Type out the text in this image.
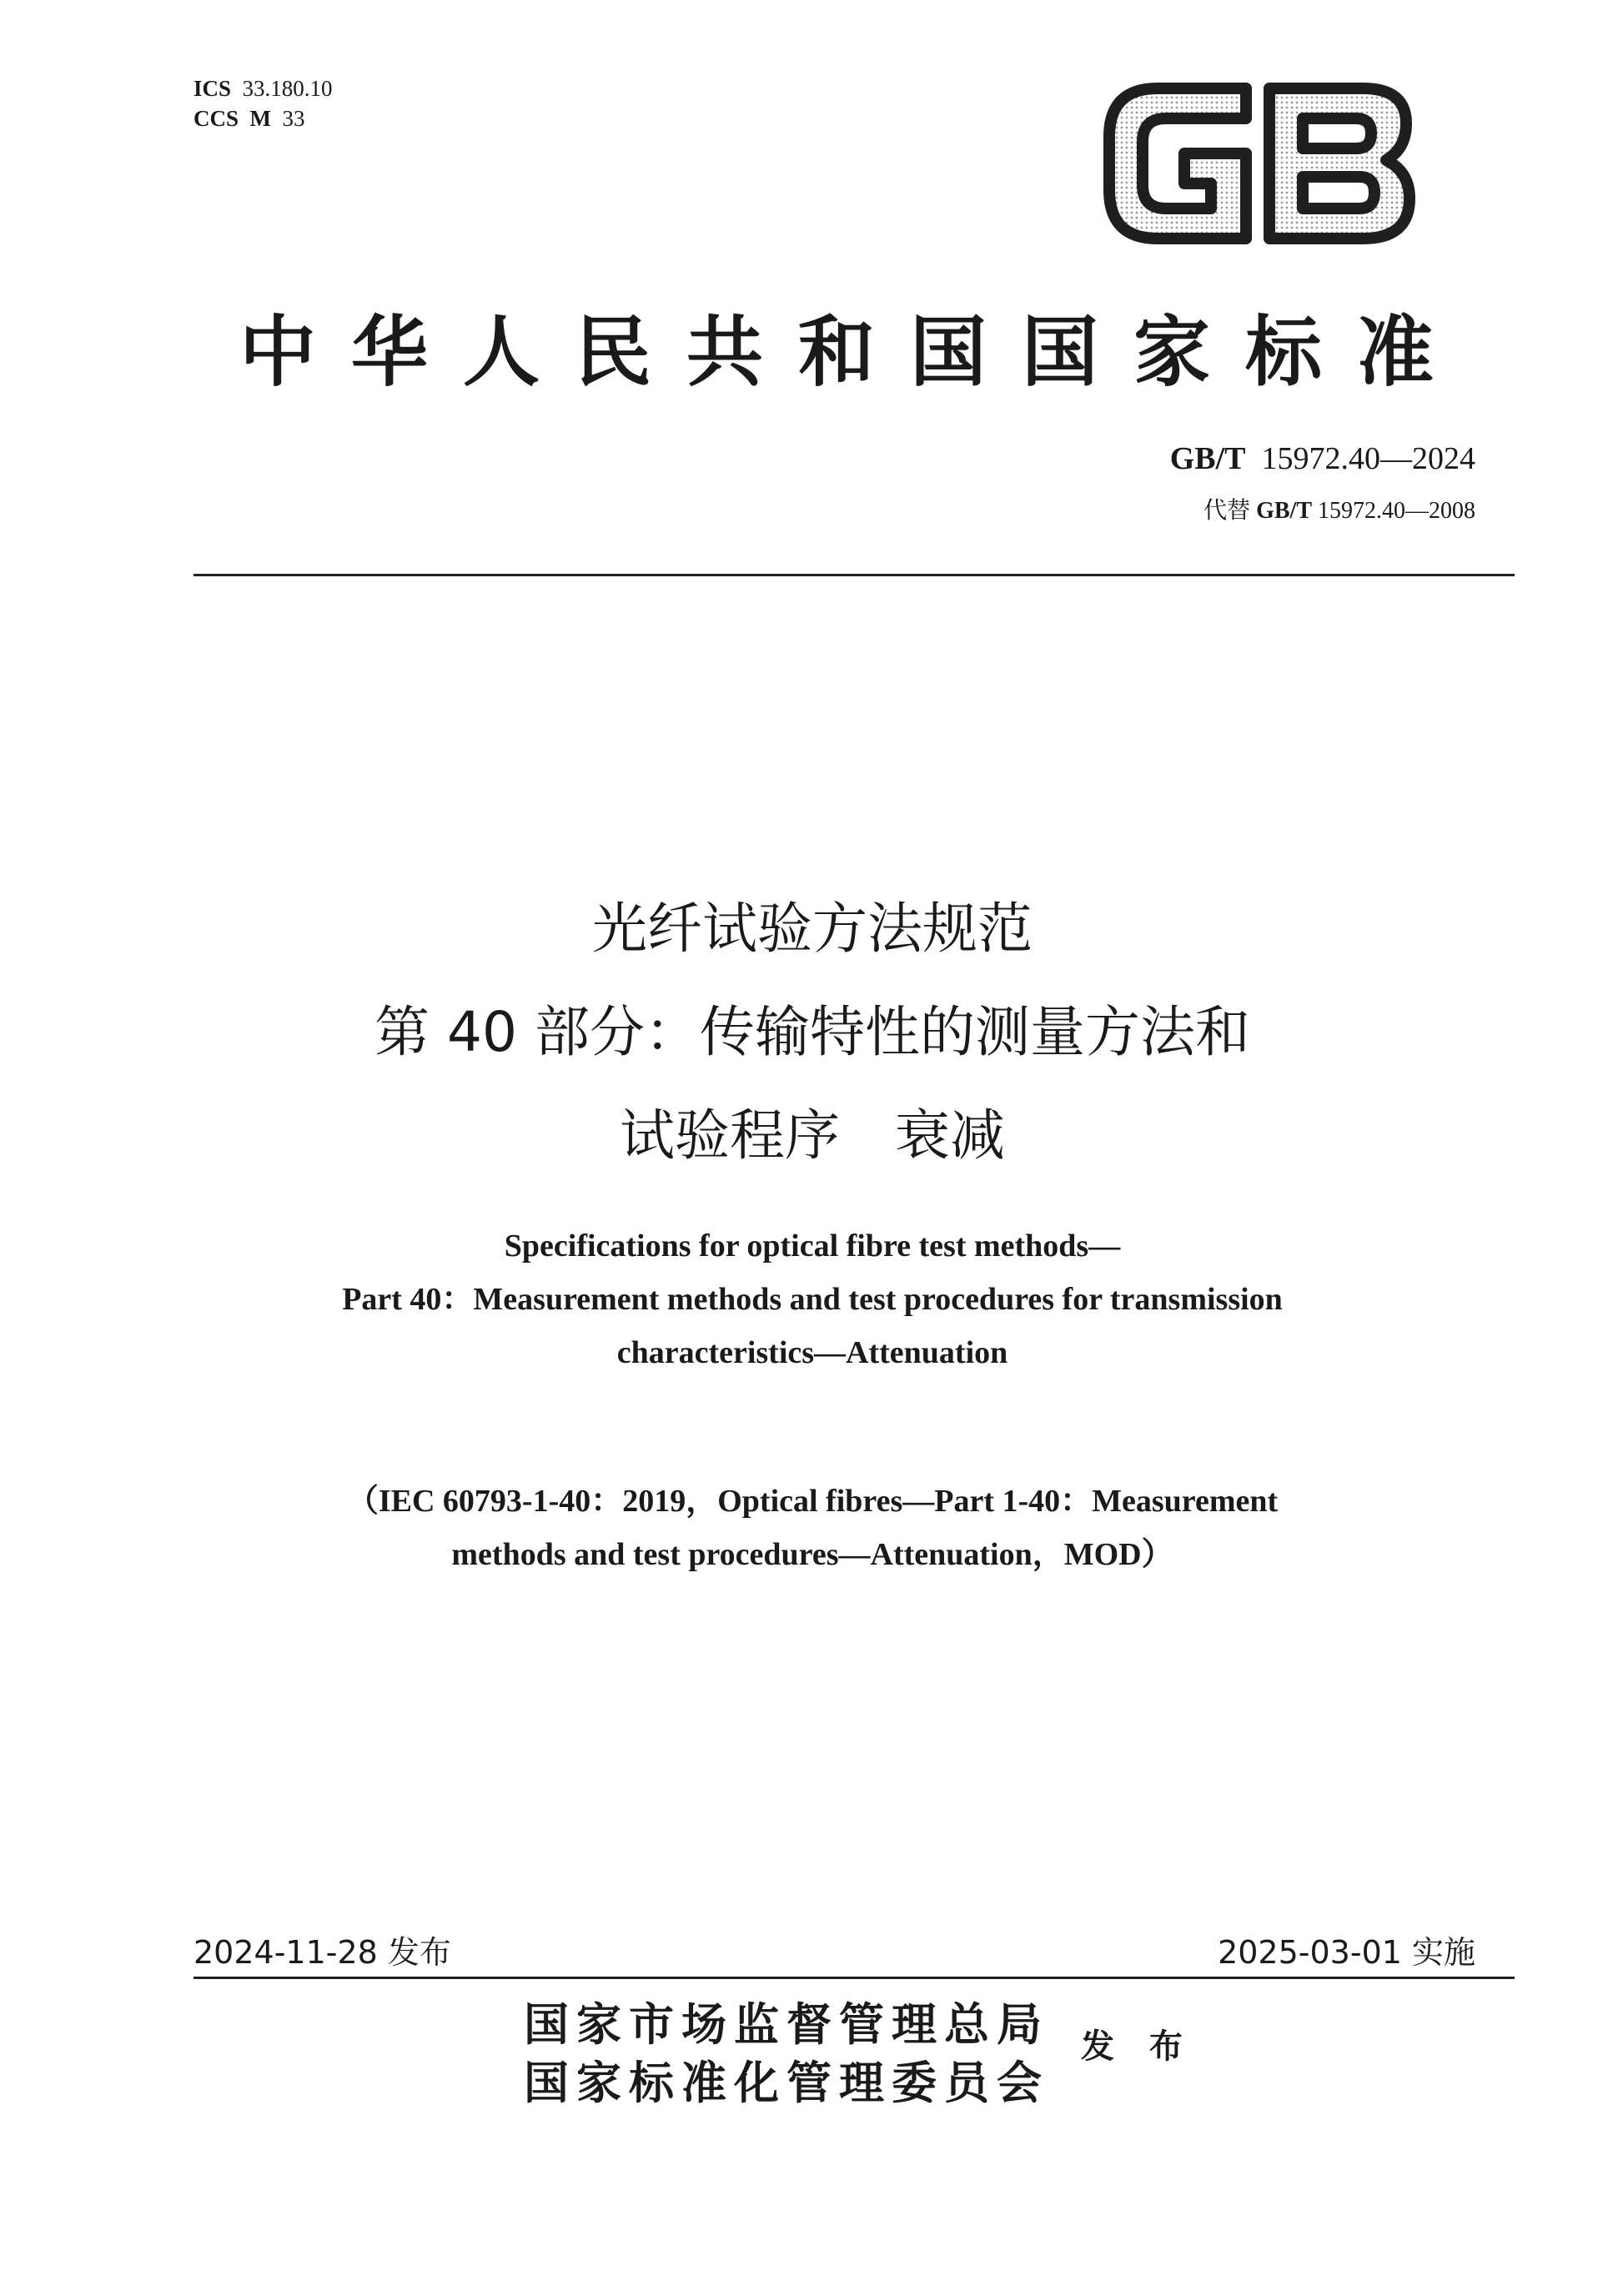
ICS 33.180.10
CCS M 33
中华人民共和国国家标准
GB/T 15972.40—2024
代替 GB/T 15972.40—2008
光纤试验方法规范
第 40 部分：传输特性的测量方法和
试验程序　衰减
Specifications for optical fibre test methods—
Part 40：Measurement methods and test procedures for transmission
characteristics—Attenuation
（IEC 60793-1-40：2019，Optical fibres—Part 1-40：Measurement
methods and test procedures—Attenuation，MOD）
2024-11-28 发布	2025-03-01 实施
国家市场监督管理总局
国家标准化管理委员会
发 布
